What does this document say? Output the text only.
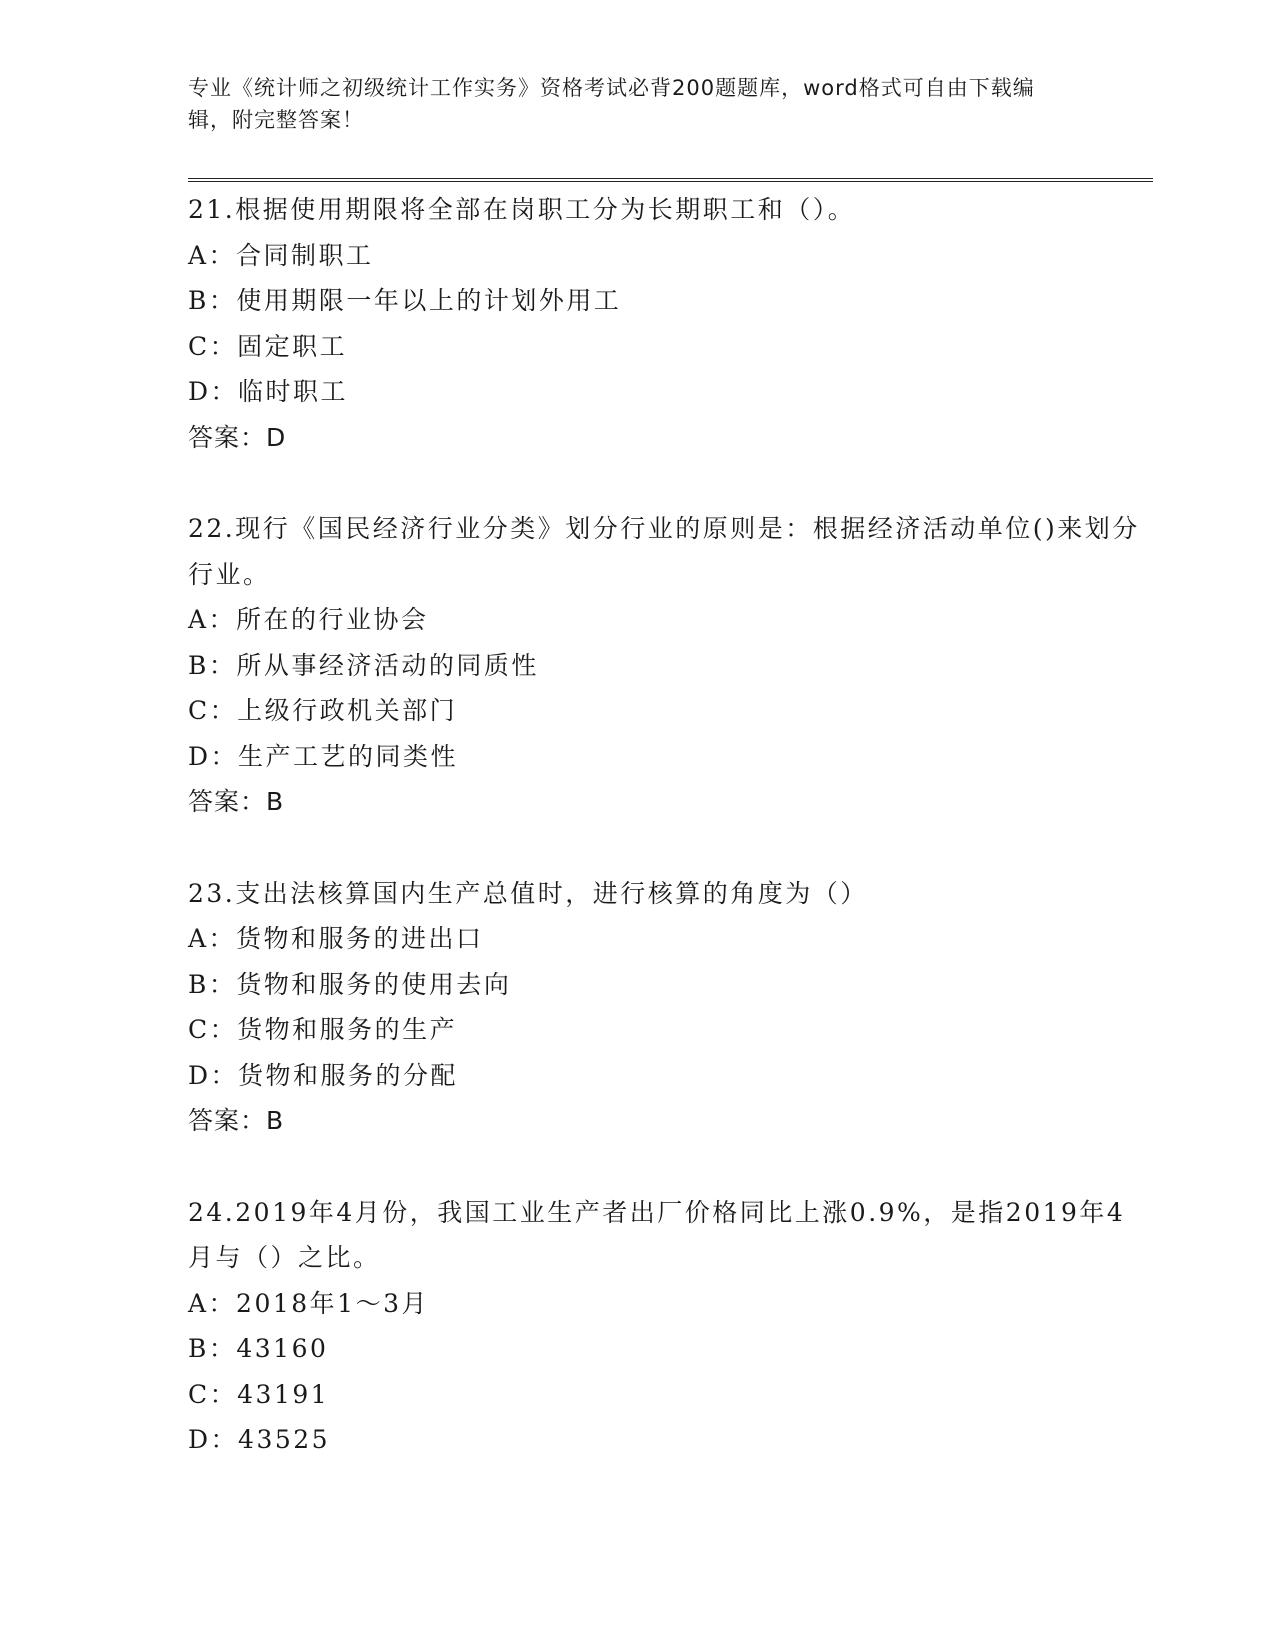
专业《统计师之初级统计工作实务》资格考试必背200题题库，word格式可自由下载编辑，附完整答案！

21.根据使用期限将全部在岗职工分为长期职工和（）。

A：合同制职工

B：使用期限一年以上的计划外用工

C：固定职工

D：临时职工

答案：D

22.现行《国民经济行业分类》划分行业的原则是：根据经济活动单位()来划分行业。

A：所在的行业协会

B：所从事经济活动的同质性

C：上级行政机关部门

D：生产工艺的同类性

答案：B

23.支出法核算国内生产总值时，进行核算的角度为（）

A：货物和服务的进出口

B：货物和服务的使用去向

C：货物和服务的生产

D：货物和服务的分配

答案：B

24.2019年4月份，我国工业生产者出厂价格同比上涨0.9%，是指2019年4月与（）之比。

A：2018年1～3月

B：43160

C：43191

D：43525
